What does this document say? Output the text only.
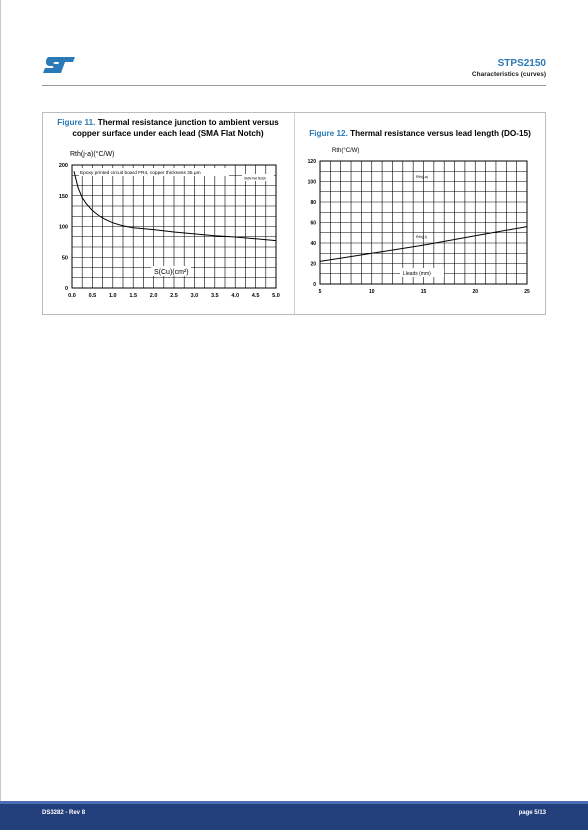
STPS2150
Characteristics (curves)
Figure 11. Thermal resistance junction to ambient versus
copper surface under each lead (SMA Flat Notch)	Figure 12. Thermal resistance versus lead length (DO-15)
Rth(j-a)(°C/W)
Epoxy printed circuit board FR4, copper thickness 35 µm
SMA Flat Notch
S(Cu)(cm²)
0.0 0.5 1.0 1.5 2.0 2.5 3.0 3.5 4.0 4.5 5.0
0
50
100
150
200
Rth(°C/W)
Rth(j-a)
Rth(j-l)
Lleads (mm)
5	10	15	20	25
0
20
40
60
80
100
120
DS3282 - Rev 8	page 5/13
